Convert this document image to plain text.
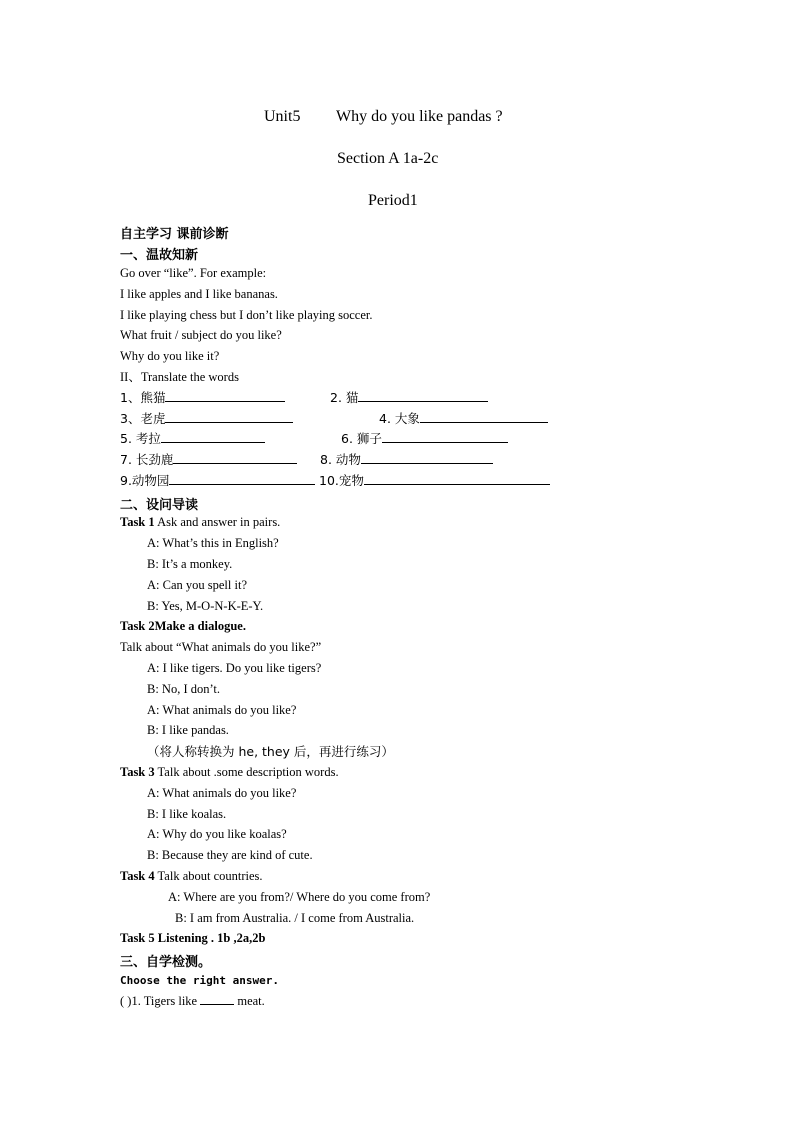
Unit5 Why do you like pandas ?
Section A 1a-2c
Period1
自主学习 课前诊断
一、温故知新
Go over “like”. For example:
I like apples and I like bananas.
I like playing chess but I don’t like playing soccer.
What fruit / subject do you like?
Why do you like it?
II、Translate the words
1、熊猫	2. 猫
3、老虎	4. 大象
5. 考拉	6. 狮子
7. 长劲鹿	8. 动物
9.动物园	10.宠物
二、设问导读
Task 1 Ask and answer in pairs.
A: What’s this in English?
B: It’s a monkey.
A: Can you spell it?
B: Yes, M-O-N-K-E-Y.
Task 2Make a dialogue.
Talk about “What animals do you like?”
A: I like tigers. Do you like tigers?
B: No, I don’t.
A: What animals do you like?
B: I like pandas.
（将人称转换为 he, they 后，再进行练习）
Task 3 Talk about .some description words.
A: What animals do you like?
B: I like koalas.
A: Why do you like koalas?
B: Because they are kind of cute.
Task 4 Talk about countries.
A: Where are you from?/ Where do you come from?
B: I am from Australia. / I come from Australia.
Task 5 Listening . 1b ,2a,2b
三、自学检测。
Choose the right answer.
( )1. Tigers like	meat.
